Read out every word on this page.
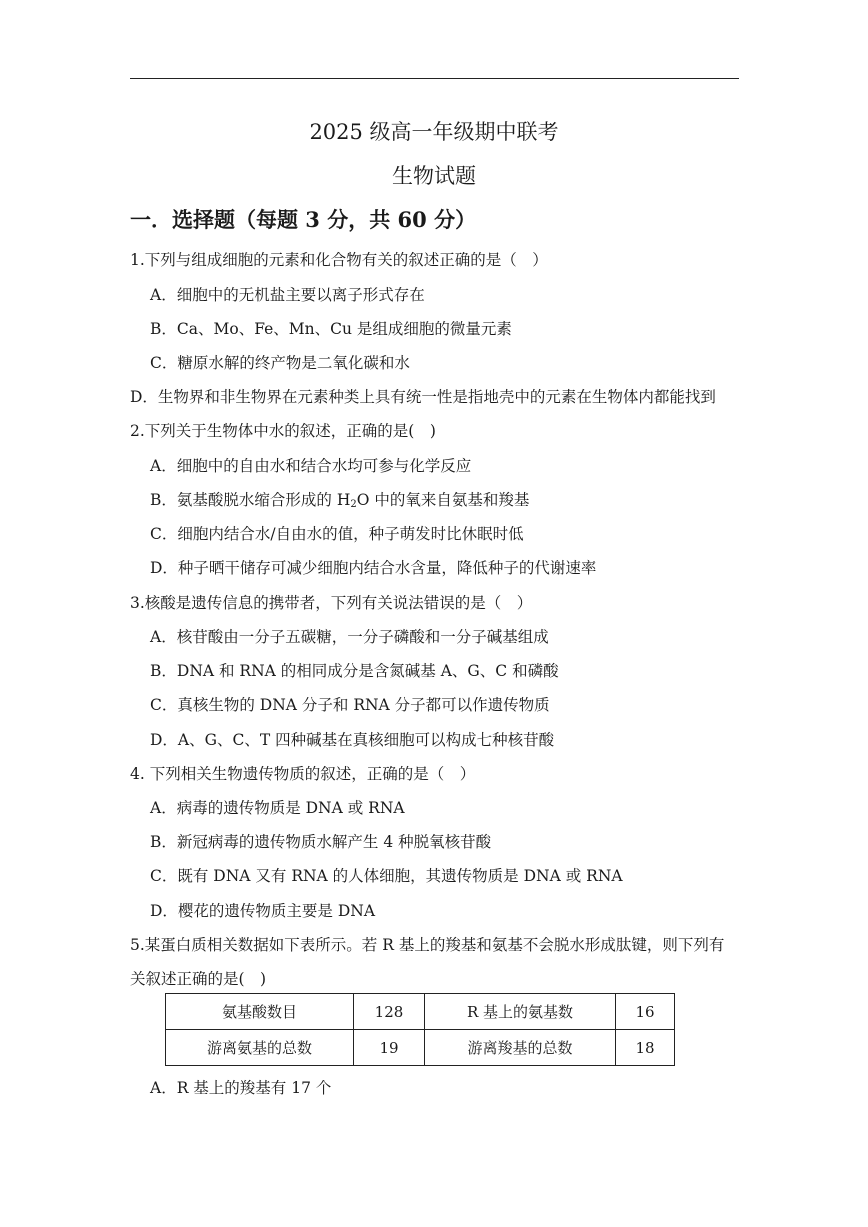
2025 级高一年级期中联考
生物试题
一．选择题（每题 3 分，共 60 分）
1.下列与组成细胞的元素和化合物有关的叙述正确的是（　）
A．细胞中的无机盐主要以离子形式存在
B．Ca、Mo、Fe、Mn、Cu 是组成细胞的微量元素
C．糖原水解的终产物是二氧化碳和水
D．生物界和非生物界在元素种类上具有统一性是指地壳中的元素在生物体内都能找到
2.下列关于生物体中水的叙述，正确的是(　)
A．细胞中的自由水和结合水均可参与化学反应
B．氨基酸脱水缩合形成的 $H_2O$ 中的氧来自氨基和羧基
C．细胞内结合水/自由水的值，种子萌发时比休眠时低
D．种子晒干储存可减少细胞内结合水含量，降低种子的代谢速率
3.核酸是遗传信息的携带者，下列有关说法错误的是（　）
A．核苷酸由一分子五碳糖，一分子磷酸和一分子碱基组成
B．DNA 和 RNA 的相同成分是含氮碱基 A、G、C 和磷酸
C．真核生物的 DNA 分子和 RNA 分子都可以作遗传物质
D．A、G、C、T 四种碱基在真核细胞可以构成七种核苷酸
4. 下列相关生物遗传物质的叙述，正确的是（　）
A．病毒的遗传物质是 DNA 或 RNA
B．新冠病毒的遗传物质水解产生 4 种脱氧核苷酸
C．既有 DNA 又有 RNA 的人体细胞，其遗传物质是 DNA 或 RNA
D．樱花的遗传物质主要是 DNA
5.某蛋白质相关数据如下表所示。若 R 基上的羧基和氨基不会脱水形成肽键，则下列有
关叙述正确的是(　)
氨基酸数目	128	R 基上的氨基数	16
游离氨基的总数	19	游离羧基的总数	18
A．R 基上的羧基有 17 个
